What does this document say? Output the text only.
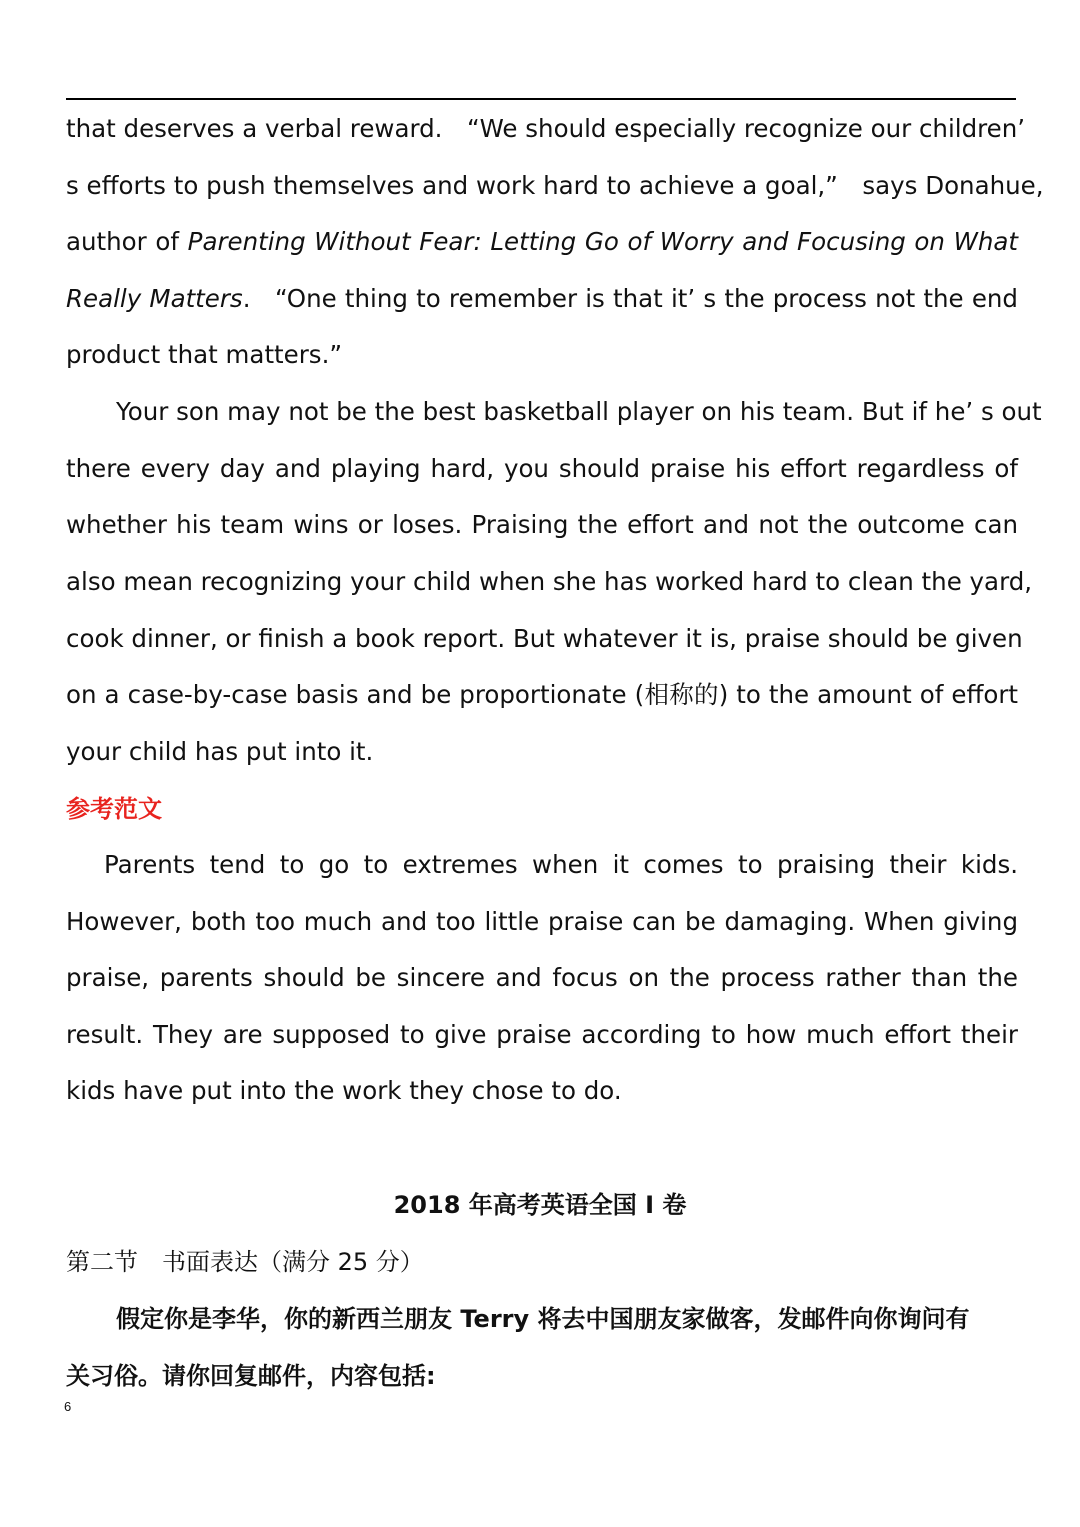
that deserves a verbal reward. “We should especially recognize our children’
s efforts to push themselves and work hard to achieve a goal,” says Donahue,
author of Parenting Without Fear: Letting Go of Worry and Focusing on What
Really Matters. “One thing to remember is that it’ s the process not the end
product that matters.”
Your son may not be the best basketball player on his team. But if he’ s out
there every day and playing hard, you should praise his effort regardless of
whether his team wins or loses. Praising the effort and not the outcome can
also mean recognizing your child when she has worked hard to clean the yard,
cook dinner, or finish a book report. But whatever it is, praise should be given
on a case-by-case basis and be proportionate (相称的) to the amount of effort
your child has put into it.
参考范文
Parents tend to go to extremes when it comes to praising their kids.
However, both too much and too little praise can be damaging. When giving
praise, parents should be sincere and focus on the process rather than the
result. They are supposed to give praise according to how much effort their
kids have put into the work they chose to do.
2018 年高考英语全国 I 卷
第二节　书面表达（满分 25 分）
假定你是李华，你的新西兰朋友 Terry 将去中国朋友家做客，发邮件向你询问有
关习俗。请你回复邮件，内容包括:
6
